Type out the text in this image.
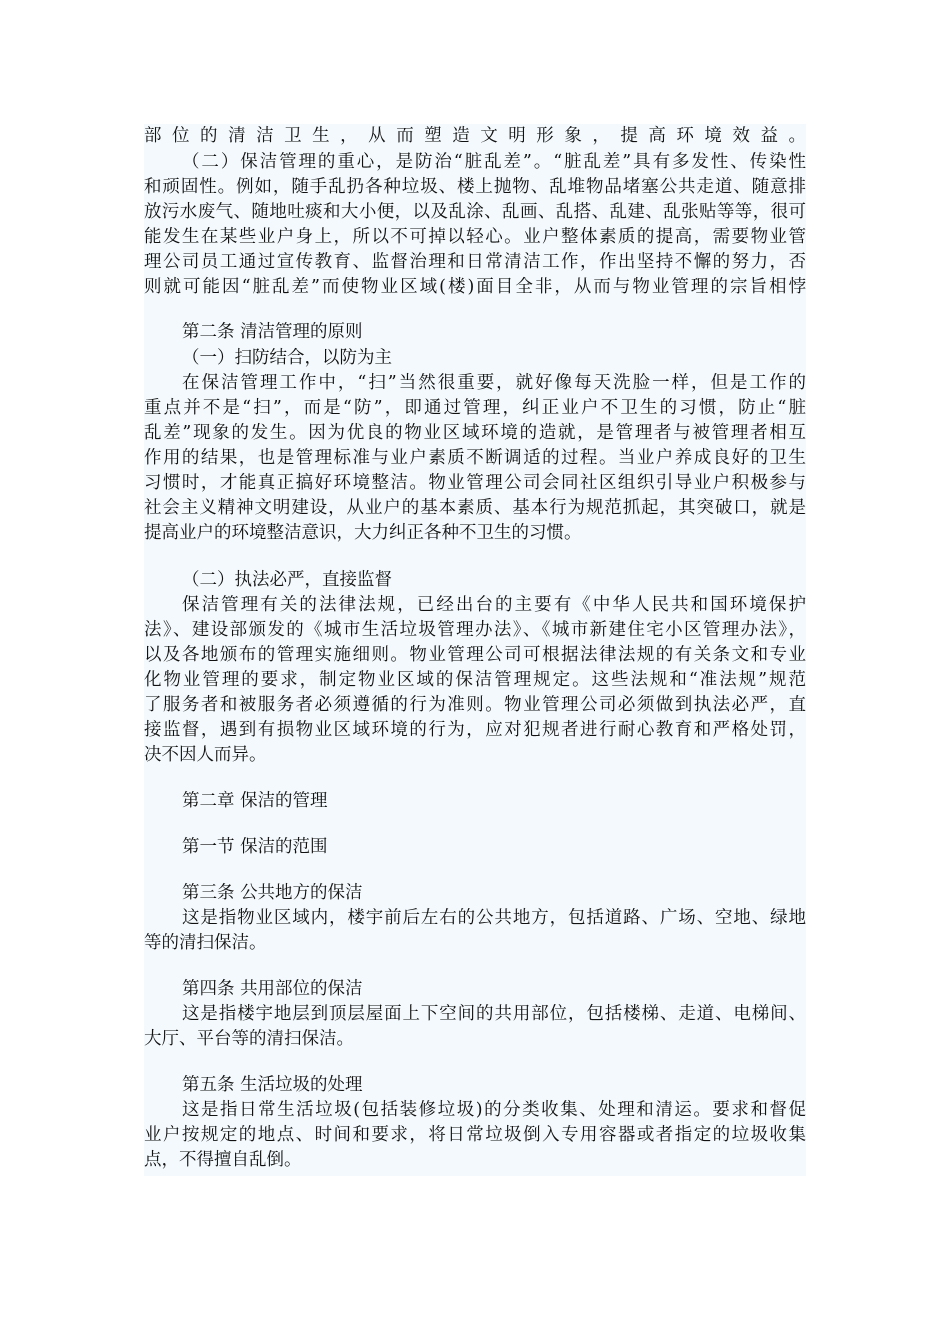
部位的清洁卫生，从而塑造文明形象，提高环境效益。
（二）保洁管理的重心，是防治“脏乱差”。“脏乱差”具有多发性、传染性
和顽固性。例如，随手乱扔各种垃圾、楼上抛物、乱堆物品堵塞公共走道、随意排
放污水废气、随地吐痰和大小便，以及乱涂、乱画、乱搭、乱建、乱张贴等等，很可
能发生在某些业户身上，所以不可掉以轻心。业户整体素质的提高，需要物业管
理公司员工通过宣传教育、监督治理和日常清洁工作，作出坚持不懈的努力，否
则就可能因“脏乱差”而使物业区域(楼)面目全非，从而与物业管理的宗旨相悖
第二条 清洁管理的原则
（一）扫防结合，以防为主
在保洁管理工作中，“扫”当然很重要，就好像每天洗脸一样，但是工作的
重点并不是“扫”，而是“防”，即通过管理，纠正业户不卫生的习惯，防止“脏
乱差”现象的发生。因为优良的物业区域环境的造就，是管理者与被管理者相互
作用的结果，也是管理标准与业户素质不断调适的过程。当业户养成良好的卫生
习惯时，才能真正搞好环境整洁。物业管理公司会同社区组织引导业户积极参与
社会主义精神文明建设，从业户的基本素质、基本行为规范抓起，其突破口，就是
提高业户的环境整洁意识，大力纠正各种不卫生的习惯。
（二）执法必严，直接监督
保洁管理有关的法律法规，已经出台的主要有《中华人民共和国环境保护
法》、建设部颁发的《城市生活垃圾管理办法》、《城市新建住宅小区管理办法》，
以及各地颁布的管理实施细则。物业管理公司可根据法律法规的有关条文和专业
化物业管理的要求，制定物业区域的保洁管理规定。这些法规和“准法规”规范
了服务者和被服务者必须遵循的行为准则。物业管理公司必须做到执法必严，直
接监督，遇到有损物业区域环境的行为，应对犯规者进行耐心教育和严格处罚，
决不因人而异。
第二章 保洁的管理
第一节 保洁的范围
第三条 公共地方的保洁
这是指物业区域内，楼宇前后左右的公共地方，包括道路、广场、空地、绿地
等的清扫保洁。
第四条 共用部位的保洁
这是指楼宇地层到顶层屋面上下空间的共用部位，包括楼梯、走道、电梯间、
大厅、平台等的清扫保洁。
第五条 生活垃圾的处理
这是指日常生活垃圾(包括装修垃圾)的分类收集、处理和清运。要求和督促
业户按规定的地点、时间和要求，将日常垃圾倒入专用容器或者指定的垃圾收集
点，不得擅自乱倒。
